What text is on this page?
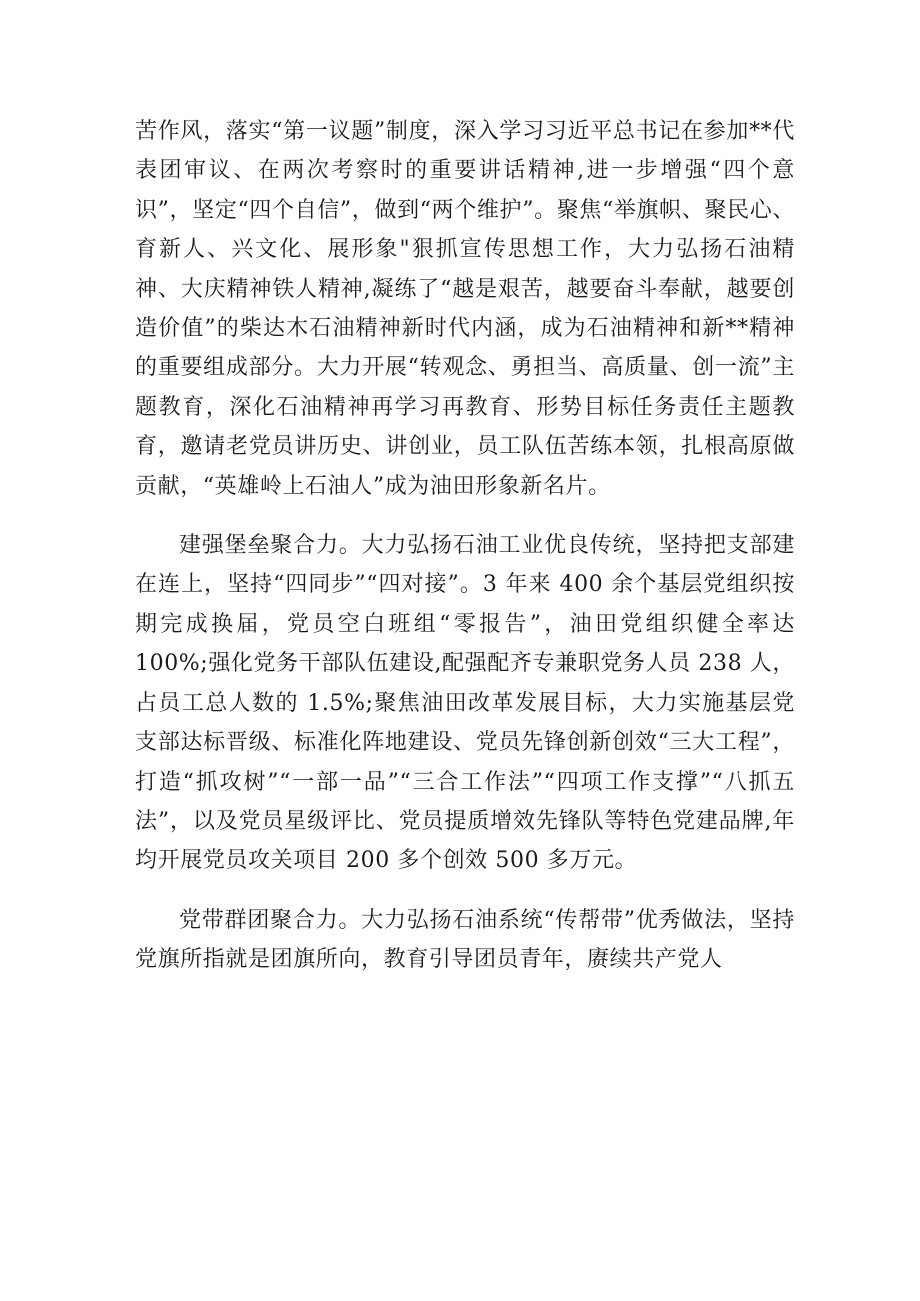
苦作风，落实“第一议题”制度，深入学习习近平总书记在参加**代表团审议、在两次考察时的重要讲话精神,进一步增强“四个意识”，坚定“四个自信”，做到“两个维护”。聚焦“举旗帜、聚民心、育新人、兴文化、展形象"狠抓宣传思想工作，大力弘扬石油精神、大庆精神铁人精神,凝练了“越是艰苦，越要奋斗奉献，越要创造价值”的柴达木石油精神新时代内涵，成为石油精神和新**精神的重要组成部分。大力开展“转观念、勇担当、高质量、创一流”主题教育，深化石油精神再学习再教育、形势目标任务责任主题教育，邀请老党员讲历史、讲创业，员工队伍苦练本领，扎根高原做贡献，“英雄岭上石油人”成为油田形象新名片。

建强堡垒聚合力。大力弘扬石油工业优良传统，坚持把支部建在连上，坚持“四同步”“四对接”。3 年来 400 余个基层党组织按期完成换届，党员空白班组“零报告”，油田党组织健全率达 100%;强化党务干部队伍建设,配强配齐专兼职党务人员 238 人，占员工总人数的 1.5%;聚焦油田改革发展目标，大力实施基层党支部达标晋级、标准化阵地建设、党员先锋创新创效“三大工程”，打造“抓攻树”“一部一品”“三合工作法”“四项工作支撑”“八抓五法”，以及党员星级评比、党员提质增效先锋队等特色党建品牌,年均开展党员攻关项目 200 多个创效 500 多万元。

党带群团聚合力。大力弘扬石油系统“传帮带”优秀做法，坚持党旗所指就是团旗所向，教育引导团员青年，赓续共产党人
